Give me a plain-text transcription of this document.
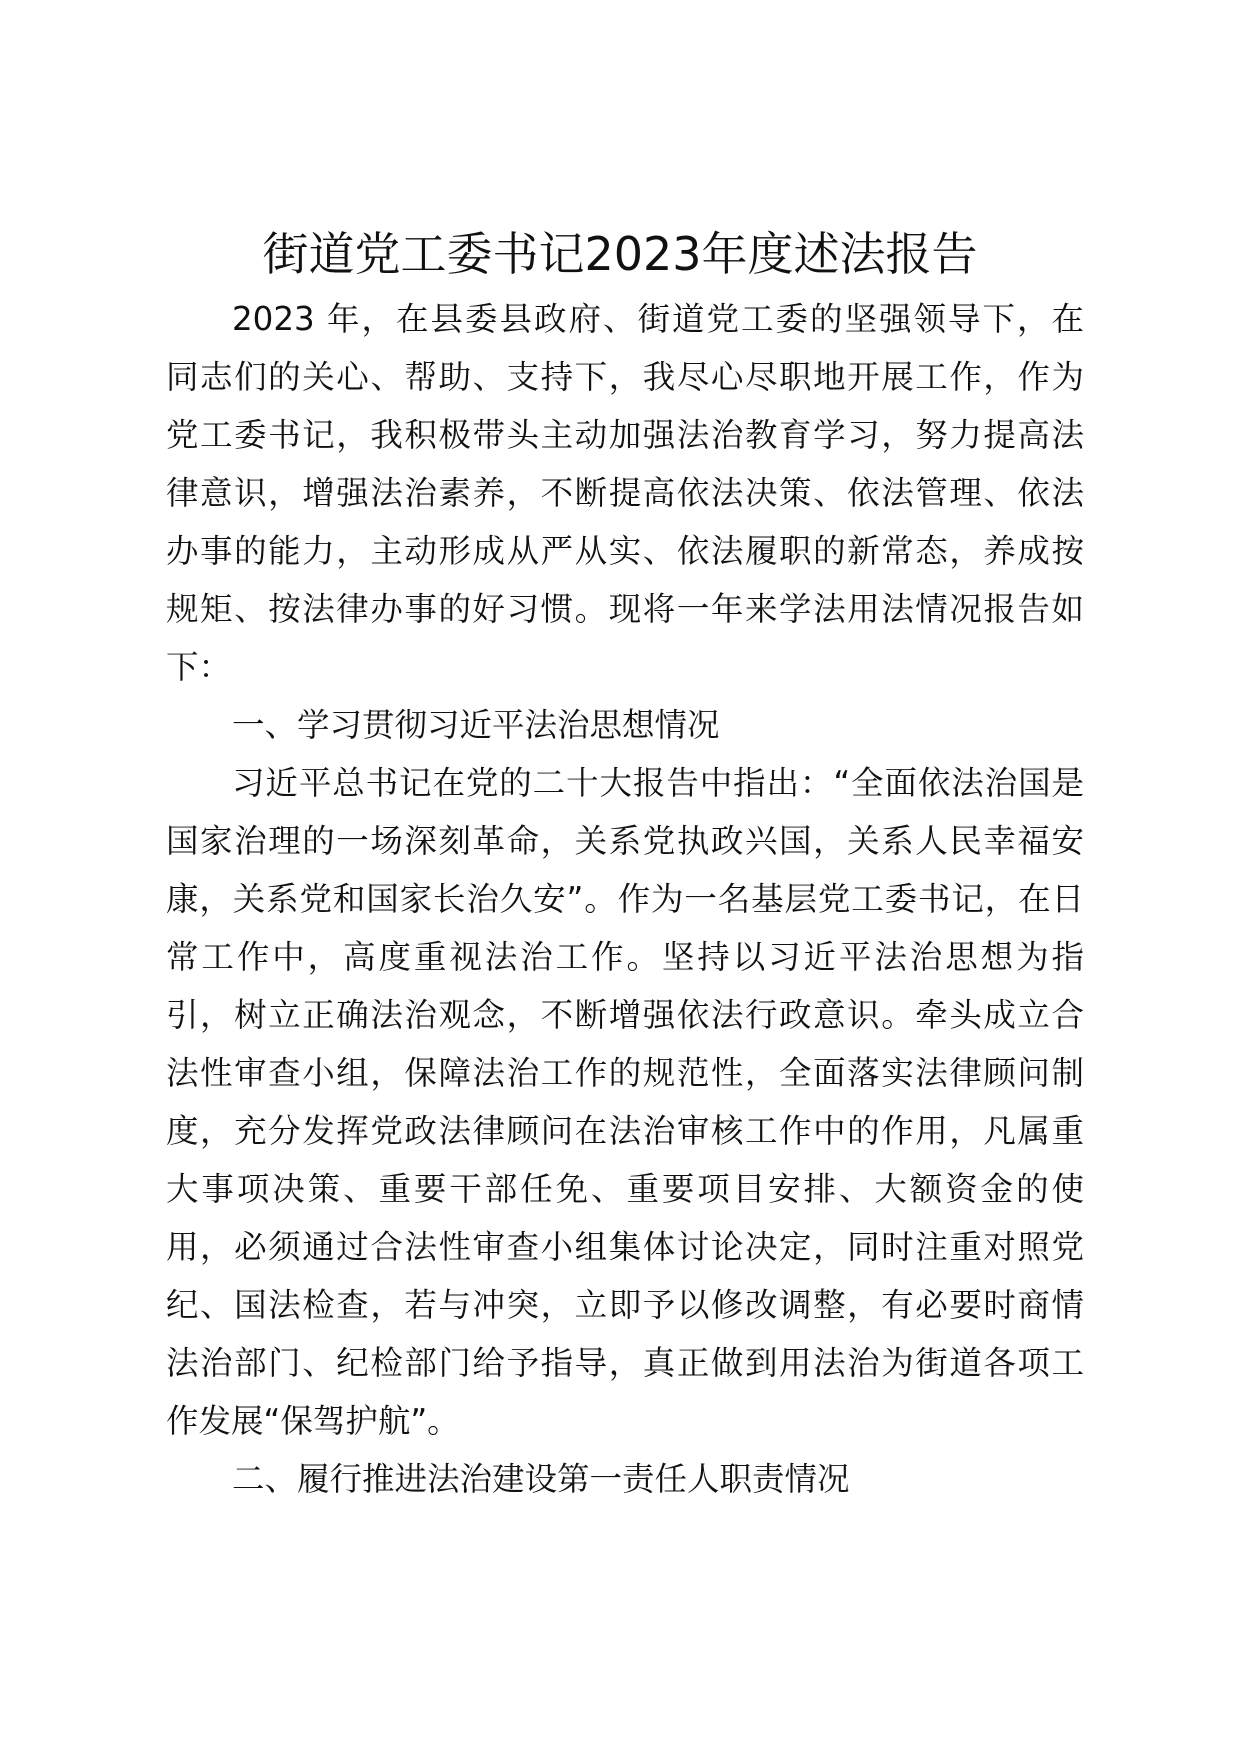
街道党工委书记2023年度述法报告
2023 年，在县委县政府、街道党工委的坚强领导下，在
同志们的关心、帮助、支持下，我尽心尽职地开展工作，作为
党工委书记，我积极带头主动加强法治教育学习，努力提高法
律意识，增强法治素养，不断提高依法决策、依法管理、依法
办事的能力，主动形成从严从实、依法履职的新常态，养成按
规矩、按法律办事的好习惯。现将一年来学法用法情况报告如
下：
一、学习贯彻习近平法治思想情况
习近平总书记在党的二十大报告中指出：“全面依法治国是
国家治理的一场深刻革命，关系党执政兴国，关系人民幸福安
康，关系党和国家长治久安”。作为一名基层党工委书记，在日
常工作中，高度重视法治工作。坚持以习近平法治思想为指
引，树立正确法治观念，不断增强依法行政意识。牵头成立合
法性审查小组，保障法治工作的规范性，全面落实法律顾问制
度，充分发挥党政法律顾问在法治审核工作中的作用，凡属重
大事项决策、重要干部任免、重要项目安排、大额资金的使
用，必须通过合法性审查小组集体讨论决定，同时注重对照党
纪、国法检查，若与冲突，立即予以修改调整，有必要时商情
法治部门、纪检部门给予指导，真正做到用法治为街道各项工
作发展“保驾护航”。
二、履行推进法治建设第一责任人职责情况
